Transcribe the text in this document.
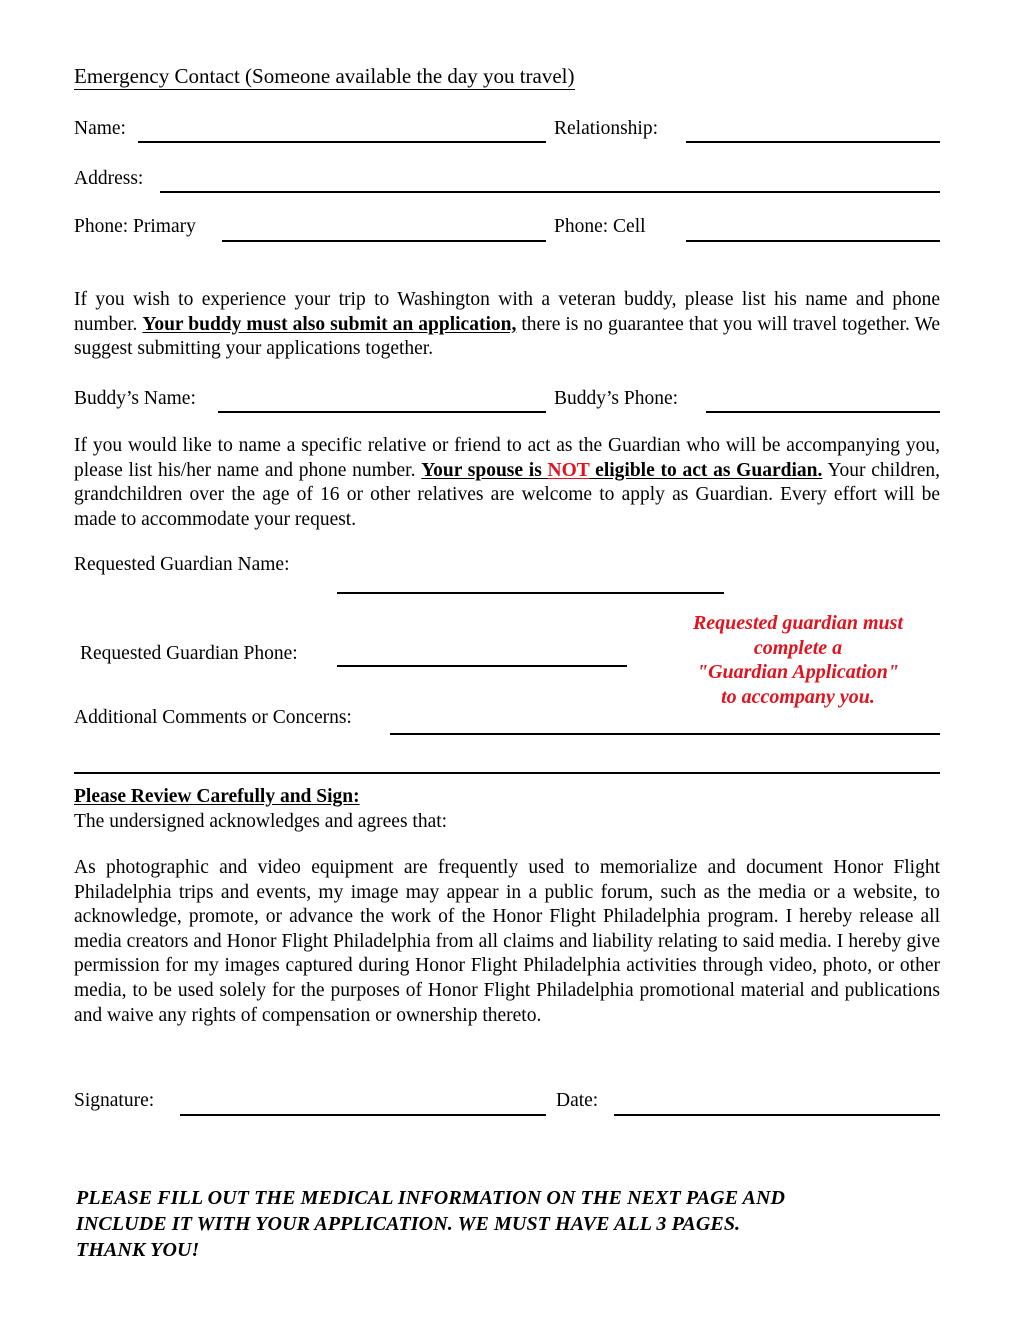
Emergency Contact (Someone available the day you travel)
Name:	Relationship:
Address:
Phone: Primary	Phone: Cell
If you wish to experience your trip to Washington with a veteran buddy, please list his name and phone number. Your buddy must also submit an application, there is no guarantee that you will travel together. We suggest submitting your applications together.
Buddy’s Name:	Buddy’s Phone:
If you would like to name a specific relative or friend to act as the Guardian who will be accompanying you, please list his/her name and phone number. Your spouse is NOT eligible to act as Guardian. Your children, grandchildren over the age of 16 or other relatives are welcome to apply as Guardian. Every effort will be made to accommodate your request.
Requested Guardian Name:
Requested guardian must
complete a
"Guardian Application"
to accompany you.
Requested Guardian Phone:
Additional Comments or Concerns:
Please Review Carefully and Sign:
The undersigned acknowledges and agrees that:
As photographic and video equipment are frequently used to memorialize and document Honor Flight Philadelphia trips and events, my image may appear in a public forum, such as the media or a website, to acknowledge, promote, or advance the work of the Honor Flight Philadelphia program. I hereby release all media creators and Honor Flight Philadelphia from all claims and liability relating to said media. I hereby give permission for my images captured during Honor Flight Philadelphia activities through video, photo, or other media, to be used solely for the purposes of Honor Flight Philadelphia promotional material and publications and waive any rights of compensation or ownership thereto.
Signature:	Date:
PLEASE FILL OUT THE MEDICAL INFORMATION ON THE NEXT PAGE AND
INCLUDE IT WITH YOUR APPLICATION. WE MUST HAVE ALL 3 PAGES.
THANK YOU!
